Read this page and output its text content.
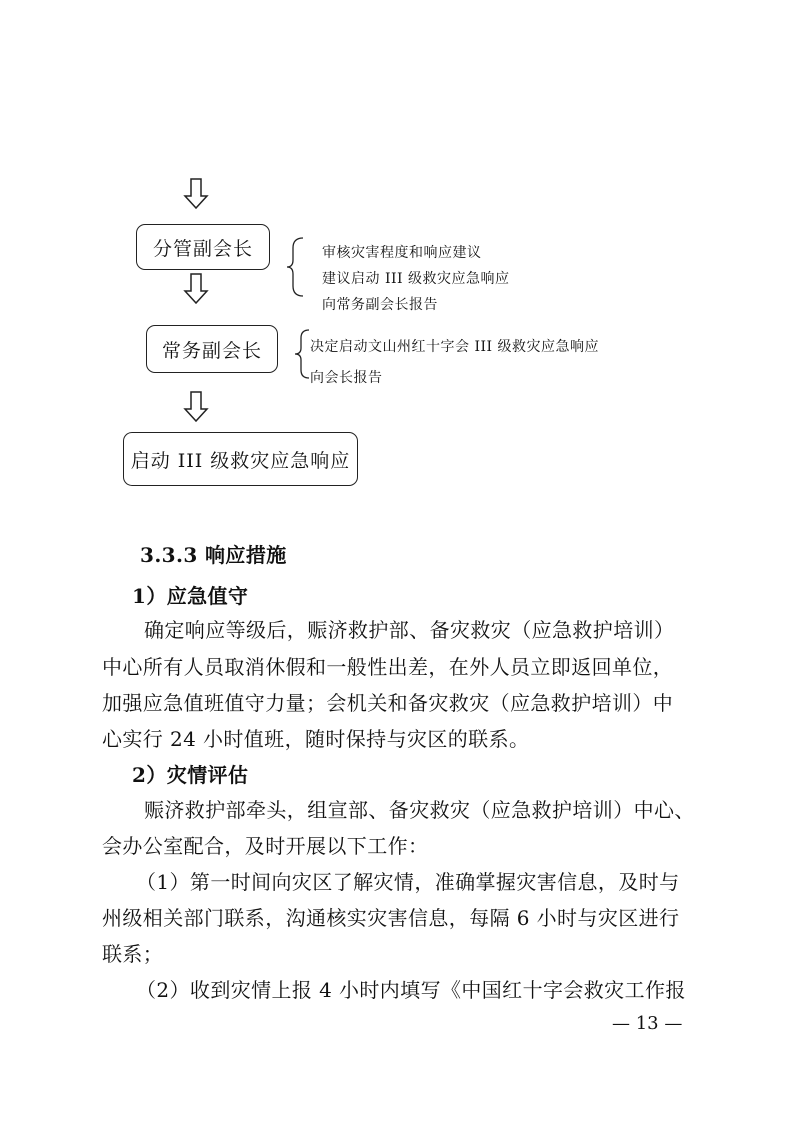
分管副会长	审核灾害程度和响应建议
建议启动 III 级救灾应急响应
向常务副会长报告
常务副会长	决定启动文山州红十字会 III 级救灾应急响应
向会长报告
启动 III 级救灾应急响应
3.3.3 响应措施
1）应急值守
确定响应等级后，赈济救护部、备灾救灾（应急救护培训）
中心所有人员取消休假和一般性出差，在外人员立即返回单位，
加强应急值班值守力量；会机关和备灾救灾（应急救护培训）中
心实行 24 小时值班，随时保持与灾区的联系。
2）灾情评估
赈济救护部牵头，组宣部、备灾救灾（应急救护培训）中心、
会办公室配合，及时开展以下工作：
（1）第一时间向灾区了解灾情，准确掌握灾害信息，及时与
州级相关部门联系，沟通核实灾害信息，每隔 6 小时与灾区进行
联系；
（2）收到灾情上报 4 小时内填写《中国红十字会救灾工作报
— 13 —
